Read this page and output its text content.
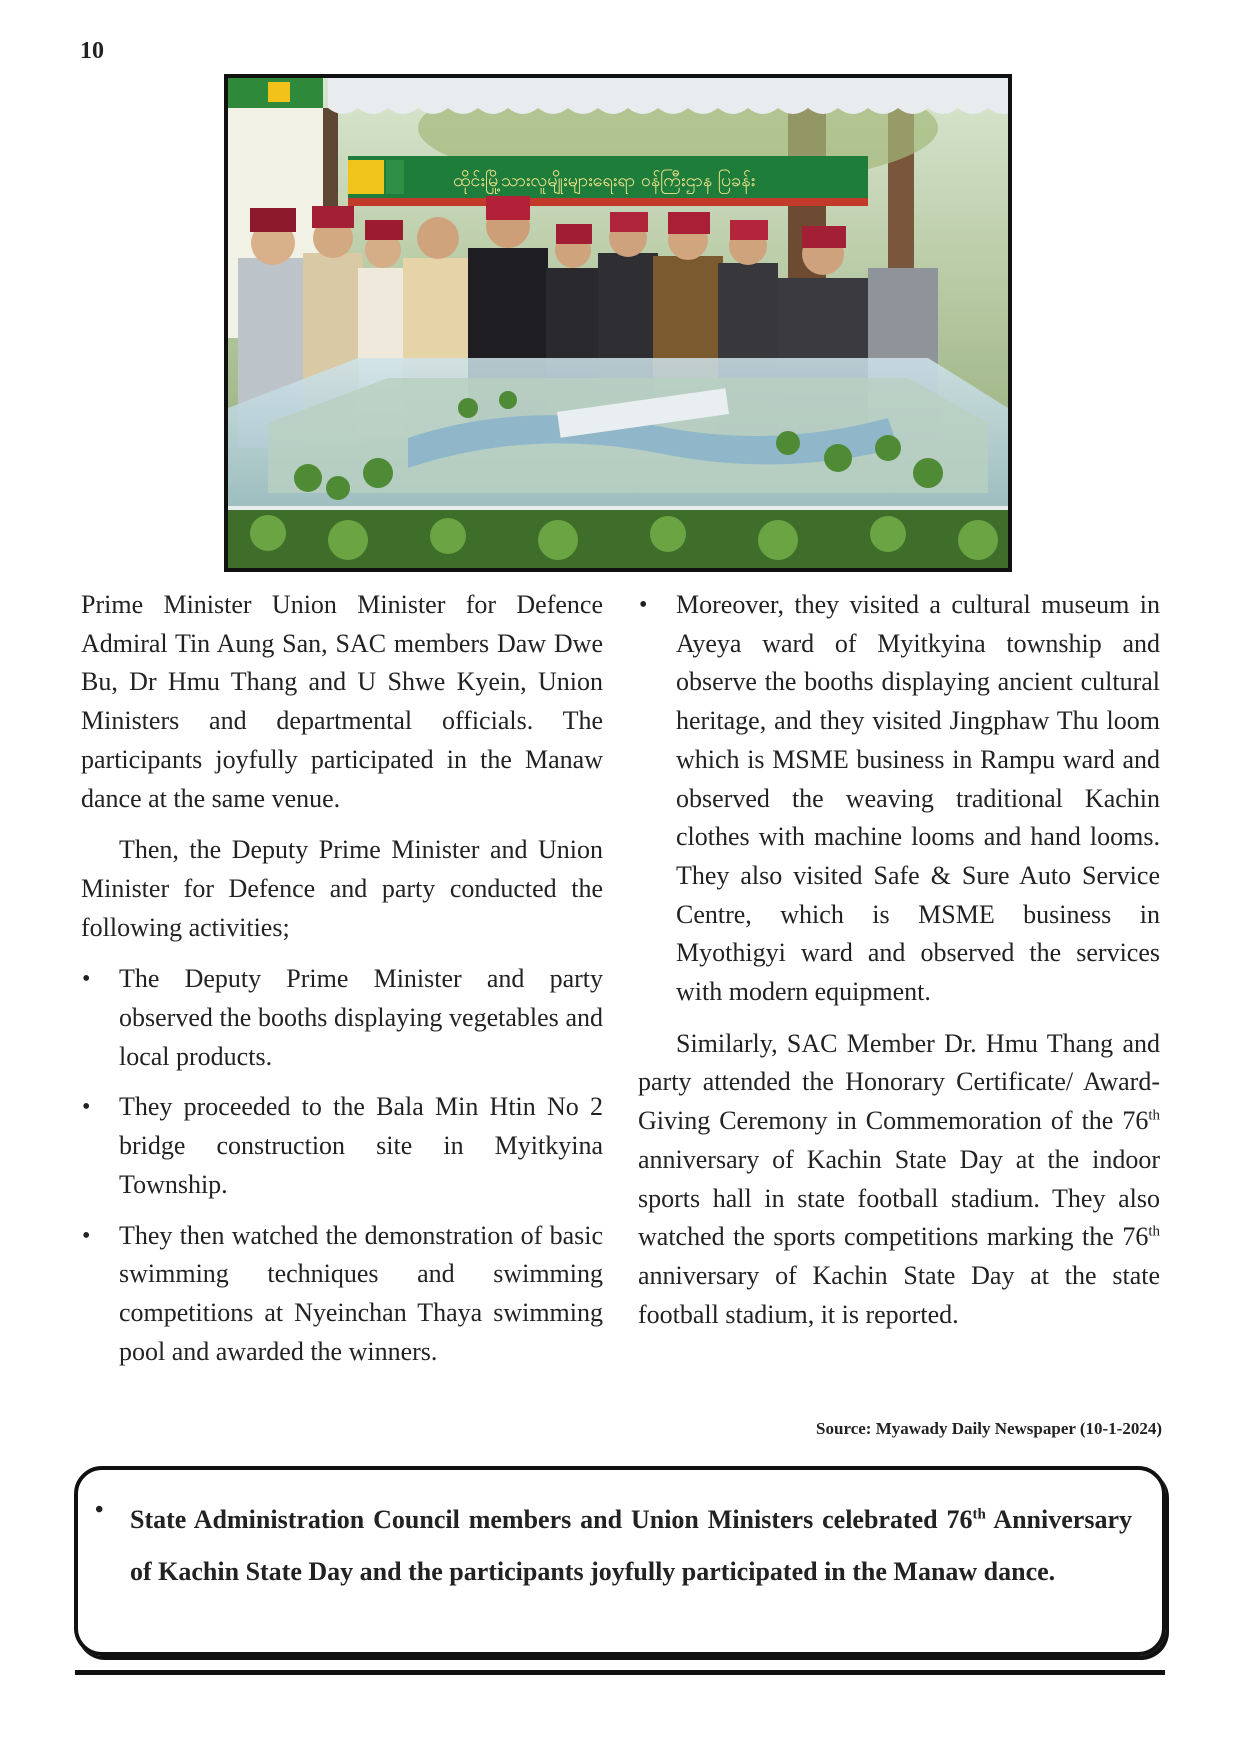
10
ထိုင်းမြို့သားလူမျိုးများရေးရာ ဝန်ကြီးဌာန ပြခန်း

Prime Minister Union Minister for Defence Admiral Tin Aung San, SAC members Daw Dwe Bu, Dr Hmu Thang and U Shwe Kyein, Union Ministers and departmental officials. The participants joyfully participated in the Manaw dance at the same venue.

Then, the Deputy Prime Minister and Union Minister for Defence and party conducted the following activities;

• The Deputy Prime Minister and party observed the booths displaying vegetables and local products.
• They proceeded to the Bala Min Htin No 2 bridge construction site in Myitkyina Township.
• They then watched the demonstration of basic swimming techniques and swimming competitions at Nyeinchan Thaya swimming pool and awarded the winners.
• Moreover, they visited a cultural museum in Ayeya ward of Myitkyina township and observe the booths displaying ancient cultural heritage, and they visited Jingphaw Thu loom which is MSME business in Rampu ward and observed the weaving traditional Kachin clothes with machine looms and hand looms. They also visited Safe & Sure Auto Service Centre, which is MSME business in Myothigyi ward and observed the services with modern equipment.

Similarly, SAC Member Dr. Hmu Thang and party attended the Honorary Certificate/ Award-Giving Ceremony in Commemoration of the 76th anniversary of Kachin State Day at the indoor sports hall in state football stadium. They also watched the sports competitions marking the 76th anniversary of Kachin State Day at the state football stadium, it is reported.

Source: Myawady Daily Newspaper (10-1-2024)
• State Administration Council members and Union Ministers celebrated 76th Anniversary of Kachin State Day and the participants joyfully participated in the Manaw dance.
